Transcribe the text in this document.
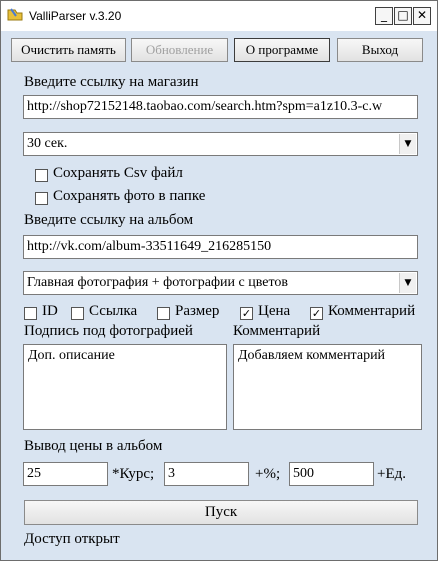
ValliParser v.3.20	_ □ ✕
Очистить память	Обновление	О программе	Выход
Введите ссылку на магазин
http://shop72152148.taobao.com/search.htm?spm=a1z10.3-c.w
30 сек.	▼
Сохранять Csv файл
Сохранять фото в папке
Введите ссылку на альбом
http://vk.com/album-33511649_216285150
Главная фотография + фотографии с цветов	▼
ID Ссылка	Размер ✓ Цена ✓ Комментарий
Подпись под фотографией	Комментарий
Доп. описание	Добавляем комментарий
Вывод цены в альбом
25	*Курс; 3	+%; 500	+Ед.
Пуск
Доступ открыт
